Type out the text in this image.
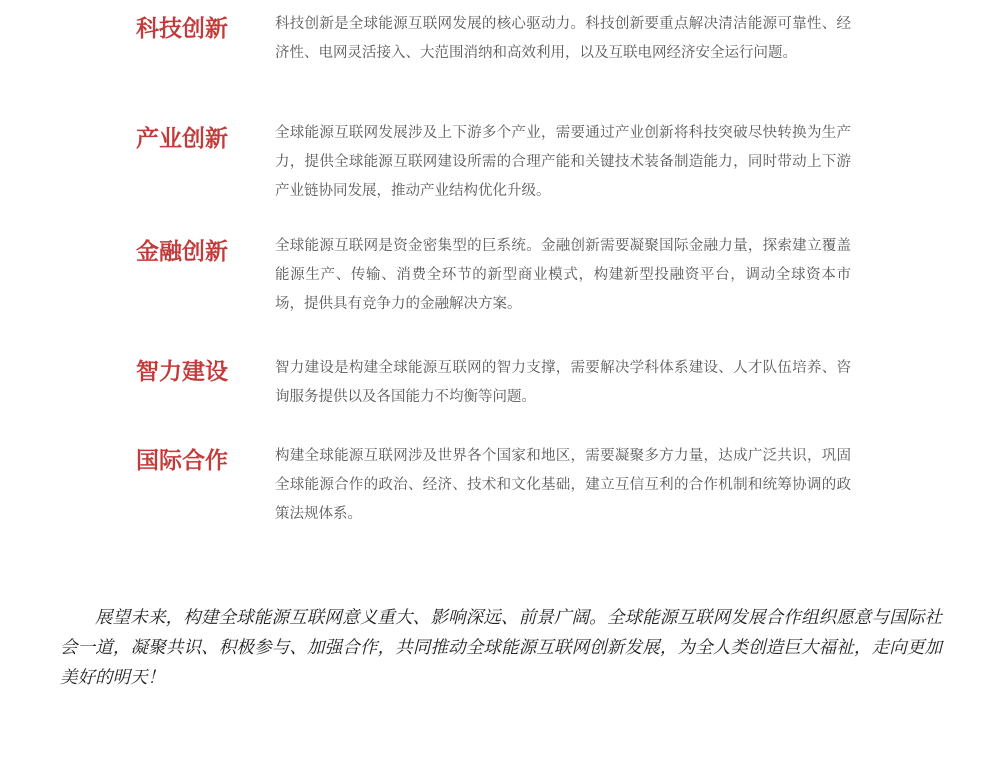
科技创新	科技创新是全球能源互联网发展的核心驱动力。科技创新要重点解决清洁能源可靠性、经济性、电网灵活接入、大范围消纳和高效利用，以及互联电网经济安全运行问题。
产业创新	全球能源互联网发展涉及上下游多个产业，需要通过产业创新将科技突破尽快转换为生产力，提供全球能源互联网建设所需的合理产能和关键技术装备制造能力，同时带动上下游产业链协同发展，推动产业结构优化升级。
金融创新	全球能源互联网是资金密集型的巨系统。金融创新需要凝聚国际金融力量，探索建立覆盖能源生产、传输、消费全环节的新型商业模式，构建新型投融资平台，调动全球资本市场，提供具有竞争力的金融解决方案。
智力建设	智力建设是构建全球能源互联网的智力支撑，需要解决学科体系建设、人才队伍培养、咨询服务提供以及各国能力不均衡等问题。
国际合作	构建全球能源互联网涉及世界各个国家和地区，需要凝聚多方力量，达成广泛共识，巩固全球能源合作的政治、经济、技术和文化基础，建立互信互利的合作机制和统筹协调的政策法规体系。
展望未来，构建全球能源互联网意义重大、影响深远、前景广阔。全球能源互联网发展合作组织愿意与国际社会一道，凝聚共识、积极参与、加强合作，共同推动全球能源互联网创新发展，为全人类创造巨大福祉，走向更加美好的明天！
